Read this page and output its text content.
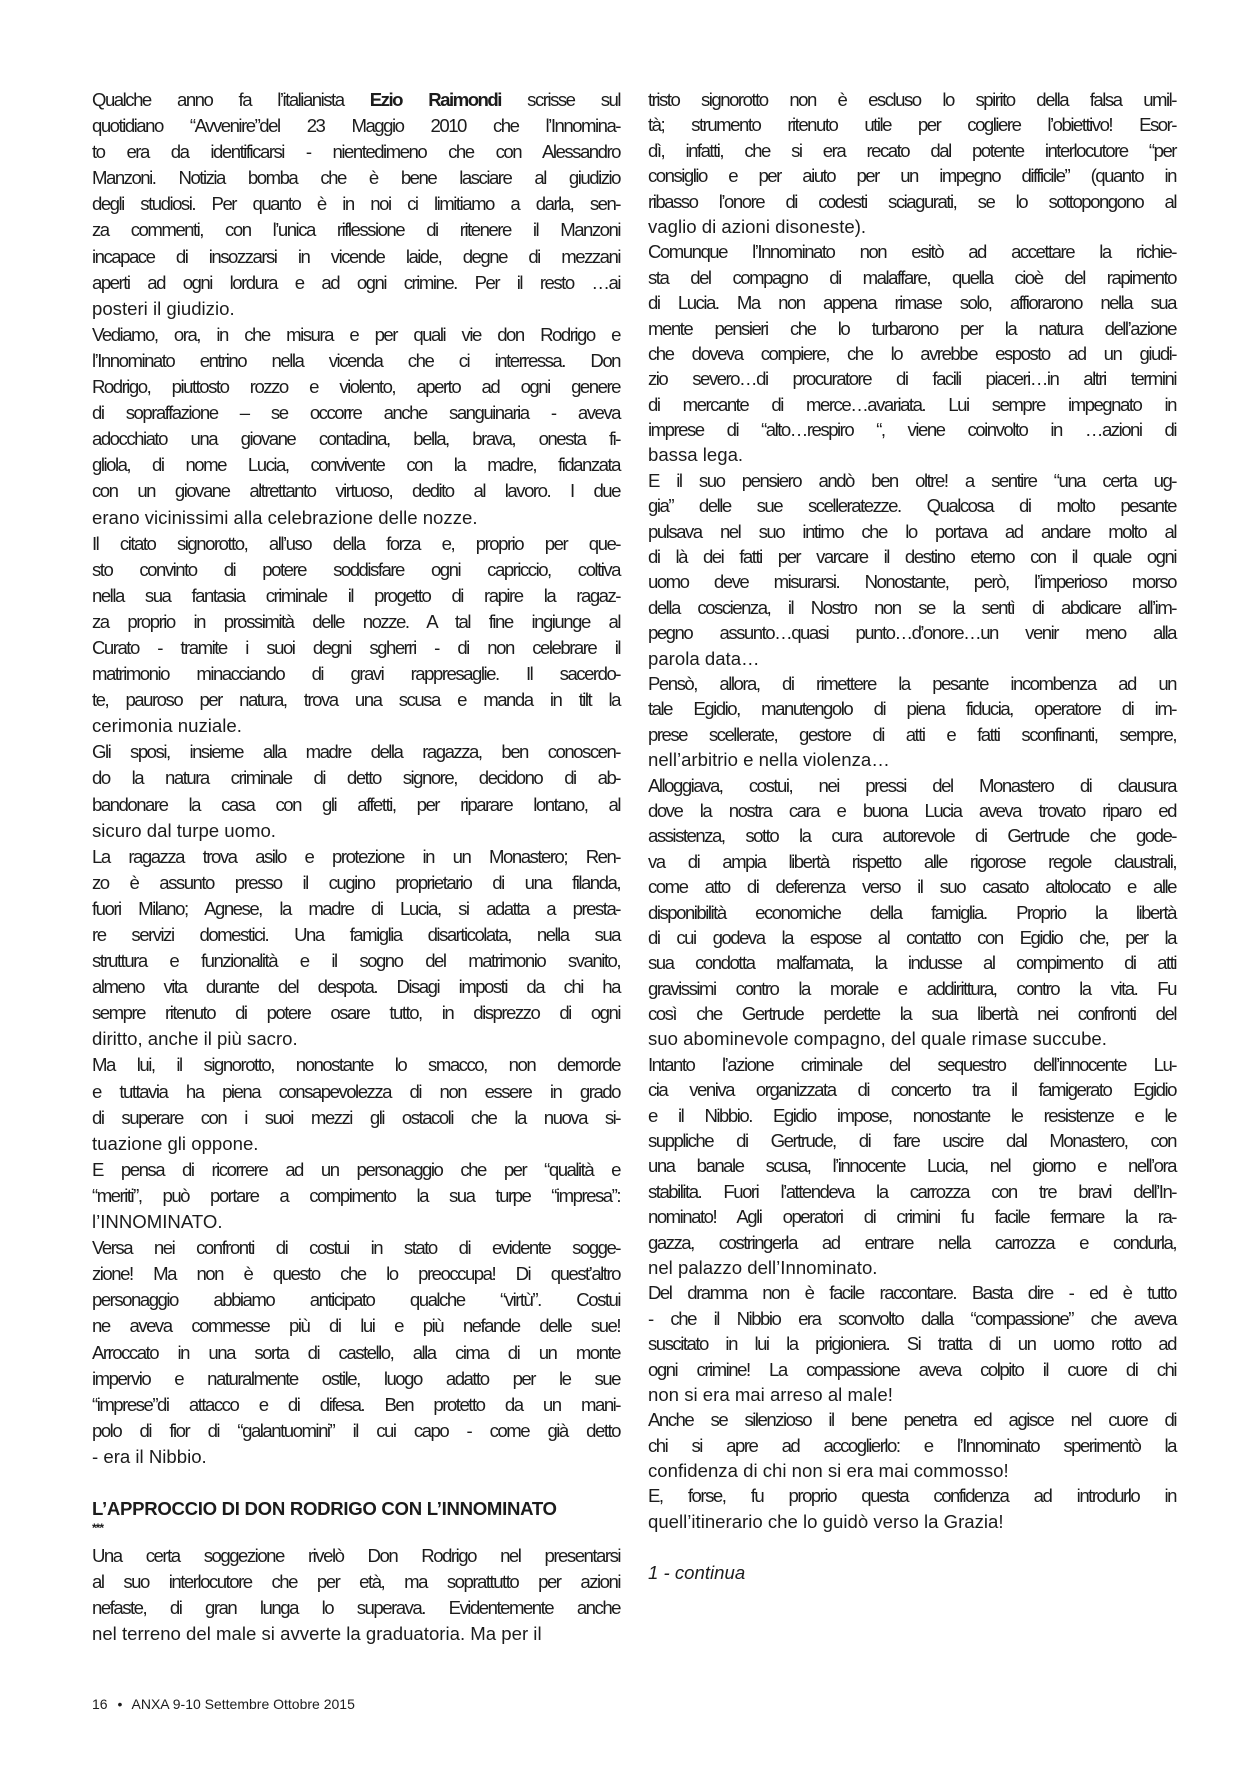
Qualche anno fa l’italianista Ezio Raimondi scrisse sul
quotidiano “Avvenire”del 23 Maggio 2010 che l’Innomina-
to era da identificarsi - nientedimeno che con Alessandro
Manzoni. Notizia bomba che è bene lasciare al giudizio
degli studiosi. Per quanto è in noi ci limitiamo a darla, sen-
za commenti, con l’unica riflessione di ritenere il Manzoni
incapace di insozzarsi in vicende laide, degne di mezzani
aperti ad ogni lordura e ad ogni crimine. Per il resto …ai
posteri il giudizio.
Vediamo, ora, in che misura e per quali vie don Rodrigo e
l’Innominato entrino nella vicenda che ci interressa. Don
Rodrigo, piuttosto rozzo e violento, aperto ad ogni genere
di sopraffazione – se occorre anche sanguinaria - aveva
adocchiato una giovane contadina, bella, brava, onesta fi-
gliola, di nome Lucia, convivente con la madre, fidanzata
con un giovane altrettanto virtuoso, dedito al lavoro. I due
erano vicinissimi alla celebrazione delle nozze.
Il citato signorotto, all’uso della forza e, proprio per que-
sto convinto di potere soddisfare ogni capriccio, coltiva
nella sua fantasia criminale il progetto di rapire la ragaz-
za proprio in prossimità delle nozze. A tal fine ingiunge al
Curato - tramite i suoi degni sgherri - di non celebrare il
matrimonio minacciando di gravi rappresaglie. Il sacerdo-
te, pauroso per natura, trova una scusa e manda in tilt la
cerimonia nuziale.
Gli sposi, insieme alla madre della ragazza, ben conoscen-
do la natura criminale di detto signore, decidono di ab-
bandonare la casa con gli affetti, per riparare lontano, al
sicuro dal turpe uomo.
La ragazza trova asilo e protezione in un Monastero; Ren-
zo è assunto presso il cugino proprietario di una filanda,
fuori Milano; Agnese, la madre di Lucia, si adatta a presta-
re servizi domestici. Una famiglia disarticolata, nella sua
struttura e funzionalità e il sogno del matrimonio svanito,
almeno vita durante del despota. Disagi imposti da chi ha
sempre ritenuto di potere osare tutto, in disprezzo di ogni
diritto, anche il più sacro.
Ma lui, il signorotto, nonostante lo smacco, non demorde
e tuttavia ha piena consapevolezza di non essere in grado
di superare con i suoi mezzi gli ostacoli che la nuova si-
tuazione gli oppone.
E pensa di ricorrere ad un personaggio che per “qualità e
“meriti”, può portare a compimento la sua turpe “impresa”:
l’INNOMINATO.
Versa nei confronti di costui in stato di evidente sogge-
zione! Ma non è questo che lo preoccupa! Di quest’altro
personaggio abbiamo anticipato qualche “virtù”. Costui
ne aveva commesse più di lui e più nefande delle sue!
Arroccato in una sorta di castello, alla cima di un monte
impervio e naturalmente ostile, luogo adatto per le sue
“imprese”di attacco e di difesa. Ben protetto da un mani-
polo di fior di “galantuomini” il cui capo - come già detto
- era il Nibbio.
L’APPROCCIO DI DON RODRIGO CON L’INNOMINATO
***
Una certa soggezione rivelò Don Rodrigo nel presentarsi
al suo interlocutore che per età, ma soprattutto per azioni
nefaste, di gran lunga lo superava. Evidentemente anche
nel terreno del male si avverte la graduatoria. Ma per il
tristo signorotto non è escluso lo spirito della falsa umil-
tà; strumento ritenuto utile per cogliere l’obiettivo! Esor-
dì, infatti, che si era recato dal potente interlocutore “per
consiglio e per aiuto per un impegno difficile” (quanto in
ribasso l’onore di codesti sciagurati, se lo sottopongono al
vaglio di azioni disoneste).
Comunque l’Innominato non esitò ad accettare la richie-
sta del compagno di malaffare, quella cioè del rapimento
di Lucia. Ma non appena rimase solo, affiorarono nella sua
mente pensieri che lo turbarono per la natura dell’azione
che doveva compiere, che lo avrebbe esposto ad un giudi-
zio severo…di procuratore di facili piaceri…in altri termini
di mercante di merce…avariata. Lui sempre impegnato in
imprese di “alto…respiro “, viene coinvolto in …azioni di
bassa lega.
E il suo pensiero andò ben oltre! a sentire “una certa ug-
gia” delle sue scelleratezze. Qualcosa di molto pesante
pulsava nel suo intimo che lo portava ad andare molto al
di là dei fatti per varcare il destino eterno con il quale ogni
uomo deve misurarsi. Nonostante, però, l’imperioso morso
della coscienza, il Nostro non se la sentì di abdicare all’im-
pegno assunto…quasi punto…d’onore…un venir meno alla
parola data…
Pensò, allora, di rimettere la pesante incombenza ad un
tale Egidio, manutengolo di piena fiducia, operatore di im-
prese scellerate, gestore di atti e fatti sconfinanti, sempre,
nell’arbitrio e nella violenza…
Alloggiava, costui, nei pressi del Monastero di clausura
dove la nostra cara e buona Lucia aveva trovato riparo ed
assistenza, sotto la cura autorevole di Gertrude che gode-
va di ampia libertà rispetto alle rigorose regole claustrali,
come atto di deferenza verso il suo casato altolocato e alle
disponibilità economiche della famiglia. Proprio la libertà
di cui godeva la espose al contatto con Egidio che, per la
sua condotta malfamata, la indusse al compimento di atti
gravissimi contro la morale e addirittura, contro la vita. Fu
così che Gertrude perdette la sua libertà nei confronti del
suo abominevole compagno, del quale rimase succube.
Intanto l’azione criminale del sequestro dell’innocente Lu-
cia veniva organizzata di concerto tra il famigerato Egidio
e il Nibbio. Egidio impose, nonostante le resistenze e le
suppliche di Gertrude, di fare uscire dal Monastero, con
una banale scusa, l’innocente Lucia, nel giorno e nell’ora
stabilita. Fuori l’attendeva la carrozza con tre bravi dell’In-
nominato! Agli operatori di crimini fu facile fermare la ra-
gazza, costringerla ad entrare nella carrozza e condurla,
nel palazzo dell’Innominato.
Del dramma non è facile raccontare. Basta dire - ed è tutto
- che il Nibbio era sconvolto dalla “compassione” che aveva
suscitato in lui la prigioniera. Si tratta di un uomo rotto ad
ogni crimine! La compassione aveva colpito il cuore di chi
non si era mai arreso al male!
Anche se silenzioso il bene penetra ed agisce nel cuore di
chi si apre ad accoglierlo: e l’Innominato sperimentò la
confidenza di chi non si era mai commosso!
E, forse, fu proprio questa confidenza ad introdurlo in
quell’itinerario che lo guidò verso la Grazia!
1 - continua
16 • ANXA 9-10 Settembre Ottobre 2015
